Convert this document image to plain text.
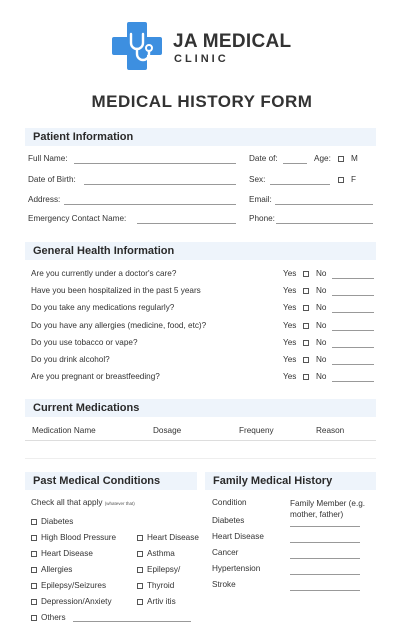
JA MEDICAL
CLINIC
MEDICAL HISTORY FORM
Patient Information
Full Name:	Date of:	Age: M
Date of Birth:	Sex:	F
Address:	Email:
Emergency Contact Name:	Phone:
General Health Information
Are you currently under a doctor's care?	Yes No
Have you been hospitalized in the past 5 years	Yes No
Do you take any medications regularly?	Yes No
Do you have any allergies (medicine, food, etc)?	Yes No
Do you use tobacco or vape?	Yes No
Do you drink alcohol?	Yes No
Are you pregnant or breastfeeding?	Yes No
Current Medications
Medication Name	Dosage	Frequeny	Reason
Past Medical Conditions
Check all that apply (whatever that)
Diabetes
High Blood Pressure
Heart Disease
Allergies
Epilepsy/Seizures
Depression/Anxiety
Others
Heart Disease
Asthma
Epilepsy/
Thyroid
Artiv itis
Family Medical History
Condition	Family Member (e.g. mother, father)
Diabetes
Heart Disease
Cancer
Hypertension
Stroke
